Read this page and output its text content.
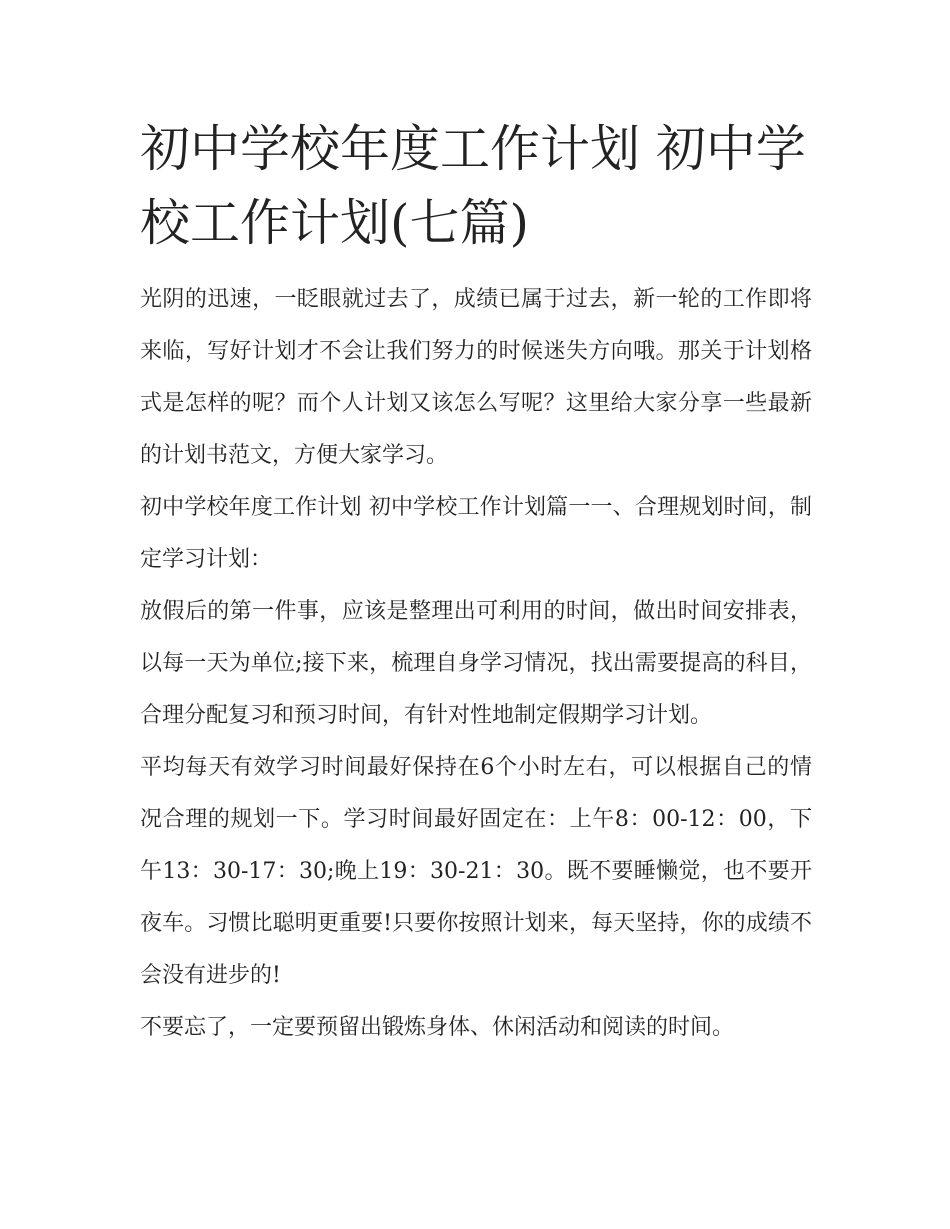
初中学校年度工作计划 初中学校工作计划(七篇)

光阴的迅速，一眨眼就过去了，成绩已属于过去，新一轮的工作即将来临，写好计划才不会让我们努力的时候迷失方向哦。那关于计划格式是怎样的呢？而个人计划又该怎么写呢？这里给大家分享一些最新的计划书范文，方便大家学习。

初中学校年度工作计划 初中学校工作计划篇一一、合理规划时间，制定学习计划：

放假后的第一件事，应该是整理出可利用的时间，做出时间安排表，以每一天为单位;接下来，梳理自身学习情况，找出需要提高的科目，合理分配复习和预习时间，有针对性地制定假期学习计划。

平均每天有效学习时间最好保持在6个小时左右，可以根据自己的情况合理的规划一下。学习时间最好固定在：上午8：00-12：00，下午13：30-17：30;晚上19：30-21：30。既不要睡懒觉，也不要开夜车。习惯比聪明更重要!只要你按照计划来，每天坚持，你的成绩不会没有进步的!

不要忘了，一定要预留出锻炼身体、休闲活动和阅读的时间。
